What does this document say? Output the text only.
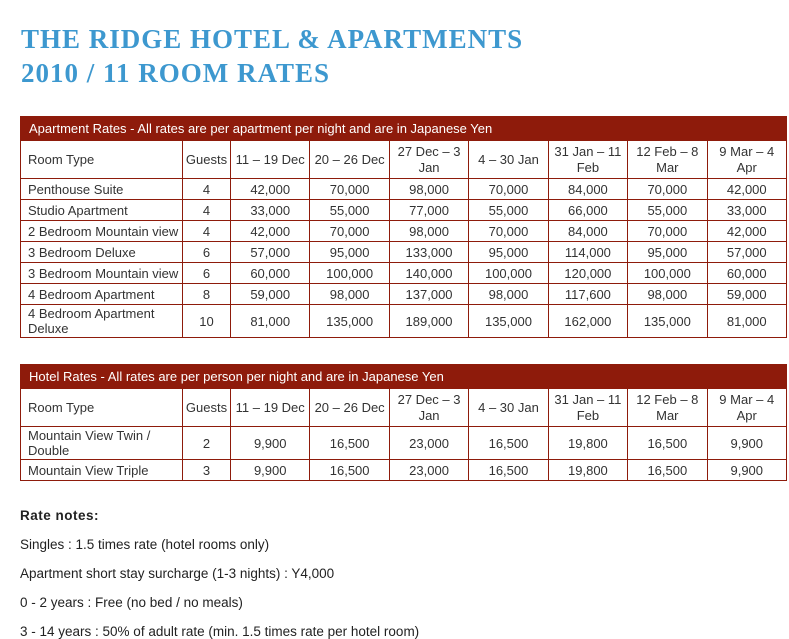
THE RIDGE HOTEL & APARTMENTS
2010 / 11 ROOM RATES
Apartment Rates - All rates are per apartment per night and are in Japanese Yen								
Room Type	Guests	11 – 19 Dec	20 – 26 Dec	27 Dec – 3 Jan	4 – 30 Jan	31 Jan – 11 Feb	12 Feb – 8 Mar	9 Mar – 4 Apr
Penthouse Suite	4	42,000	70,000	98,000	70,000	84,000	70,000	42,000
Studio Apartment	4	33,000	55,000	77,000	55,000	66,000	55,000	33,000
2 Bedroom Mountain view	4	42,000	70,000	98,000	70,000	84,000	70,000	42,000
3 Bedroom Deluxe	6	57,000	95,000	133,000	95,000	114,000	95,000	57,000
3 Bedroom Mountain view	6	60,000	100,000	140,000	100,000	120,000	100,000	60,000
4 Bedroom Apartment	8	59,000	98,000	137,000	98,000	117,600	98,000	59,000
4 Bedroom Apartment Deluxe	10	81,000	135,000	189,000	135,000	162,000	135,000	81,000
Hotel Rates - All rates are per person per night and are in Japanese Yen								
Room Type	Guests	11 – 19 Dec	20 – 26 Dec	27 Dec – 3 Jan	4 – 30 Jan	31 Jan – 11 Feb	12 Feb – 8 Mar	9 Mar – 4 Apr
Mountain View Twin / Double	2	9,900	16,500	23,000	16,500	19,800	16,500	9,900
Mountain View Triple	3	9,900	16,500	23,000	16,500	19,800	16,500	9,900
Rate notes:
Singles : 1.5 times rate (hotel rooms only)
Apartment short stay surcharge (1-3 nights) : Y4,000
0 - 2 years : Free (no bed / no meals)
3 - 14 years : 50% of adult rate (min. 1.5 times rate per hotel room)
